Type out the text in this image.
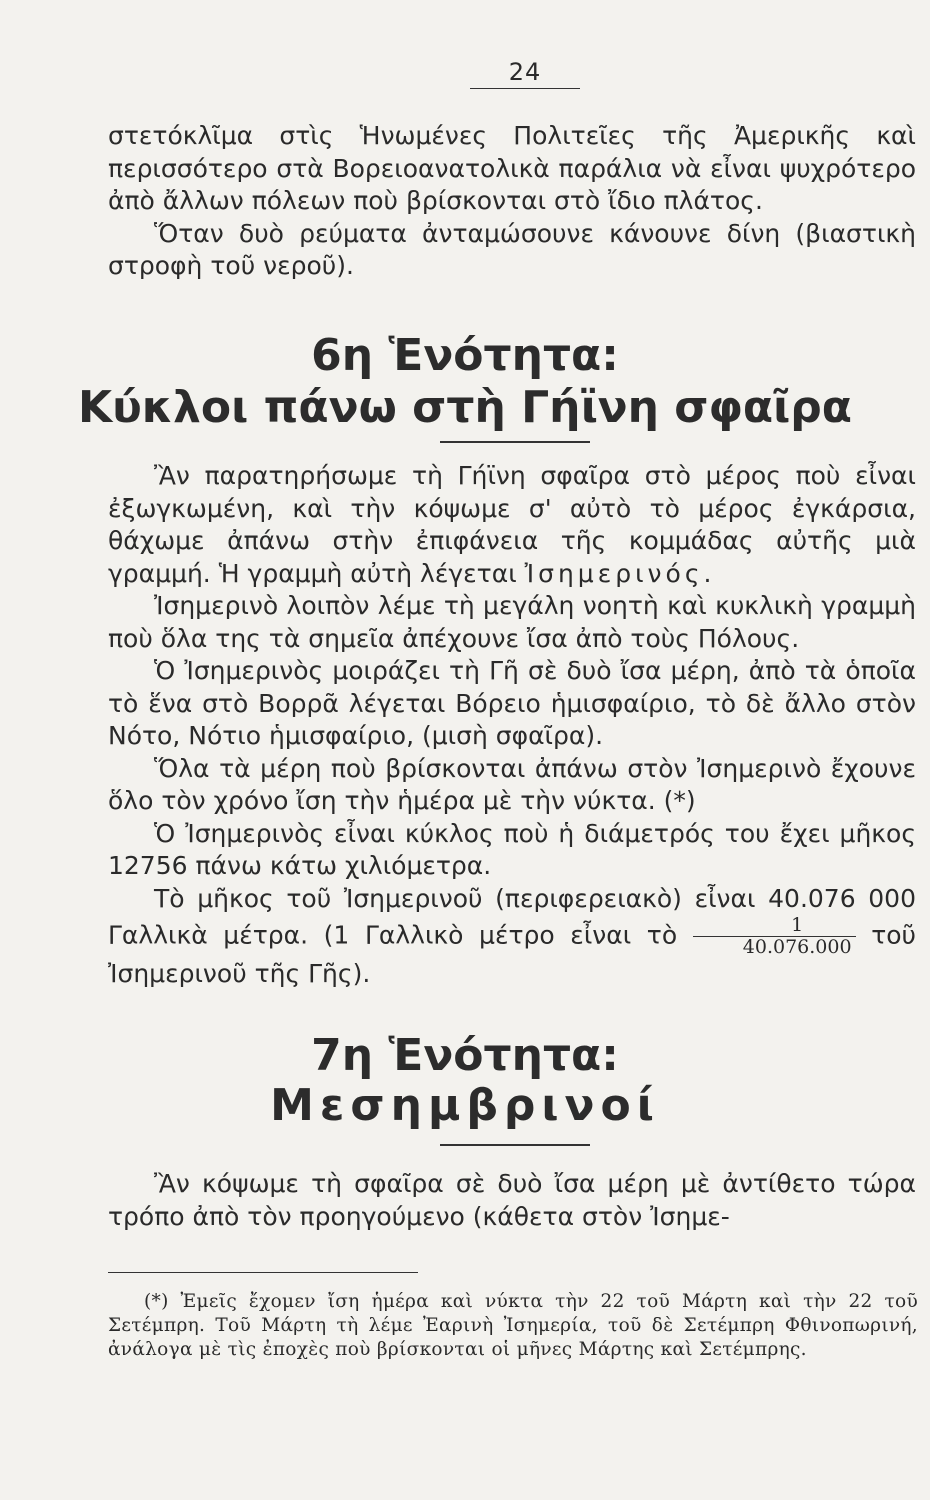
24

στετόκλῖμα στὶς Ἡνωμένες Πολιτεῖες τῆς Ἀμερικῆς καὶ περισσότερο στὰ Βορειοανατολικὰ παράλια νὰ εἶναι ψυχρότερο ἀπὸ ἄλλων πόλεων ποὺ βρίσκονται στὸ ἴδιο πλάτος.

Ὅταν δυὸ ρεύματα ἀνταμώσουνε κάνουνε δίνη (βιαστικὴ στροφὴ τοῦ νεροῦ).

6η Ἑνότητα:
Κύκλοι πάνω στὴ Γήϊνη σφαῖρα

Ἂν παρατηρήσωμε τὴ Γήϊνη σφαῖρα στὸ μέρος ποὺ εἶναι ἐξωγκωμένη, καὶ τὴν κόψωμε σ' αὐτὸ τὸ μέρος ἐγκάρσια, θάχωμε ἀπάνω στὴν ἐπιφάνεια τῆς κομμάδας αὐτῆς μιὰ γραμμή. Ἡ γραμμὴ αὐτὴ λέγεται Ἰσημερινός.

Ἰσημερινὸ λοιπὸν λέμε τὴ μεγάλη νοητὴ καὶ κυκλικὴ γραμμὴ ποὺ ὅλα της τὰ σημεῖα ἀπέχουνε ἴσα ἀπὸ τοὺς Πόλους.

Ὁ Ἰσημερινὸς μοιράζει τὴ Γῆ σὲ δυὸ ἴσα μέρη, ἀπὸ τὰ ὁποῖα τὸ ἕνα στὸ Βορρᾶ λέγεται Βόρειο ἡμισφαίριο, τὸ δὲ ἄλλο στὸν Νότο, Νότιο ἡμισφαίριο, (μισὴ σφαῖρα).

Ὅλα τὰ μέρη ποὺ βρίσκονται ἀπάνω στὸν Ἰσημερινὸ ἔχουνε ὅλο τὸν χρόνο ἴση τὴν ἡμέρα μὲ τὴν νύκτα. (*)

Ὁ Ἰσημερινὸς εἶναι κύκλος ποὺ ἡ διάμετρός του ἔχει μῆκος 12756 πάνω κάτω χιλιόμετρα.

Τὸ μῆκος τοῦ Ἰσημερινοῦ (περιφερειακὸ) εἶναι 40.076 000 Γαλλικὰ μέτρα. (1 Γαλλικὸ μέτρο εἶναι τὸ $\frac{1}{40.076.000}$ τοῦ Ἰσημερινοῦ τῆς Γῆς).

7η Ἑνότητα:
Μεσημβρινοί

Ἂν κόψωμε τὴ σφαῖρα σὲ δυὸ ἴσα μέρη μὲ ἀντίθετο τώρα τρόπο ἀπὸ τὸν προηγούμενο (κάθετα στὸν Ἰσημε-

(*) Ἐμεῖς ἔχομεν ἴση ἡμέρα καὶ νύκτα τὴν 22 τοῦ Μάρτη καὶ τὴν 22 τοῦ Σετέμπρη. Τοῦ Μάρτη τὴ λέμε Ἐαρινὴ Ἰσημερία, τοῦ δὲ Σετέμπρη Φθινοπωρινή, ἀνάλογα μὲ τὶς ἐποχὲς ποὺ βρίσκονται οἱ μῆνες Μάρτης καὶ Σετέμπρης.
